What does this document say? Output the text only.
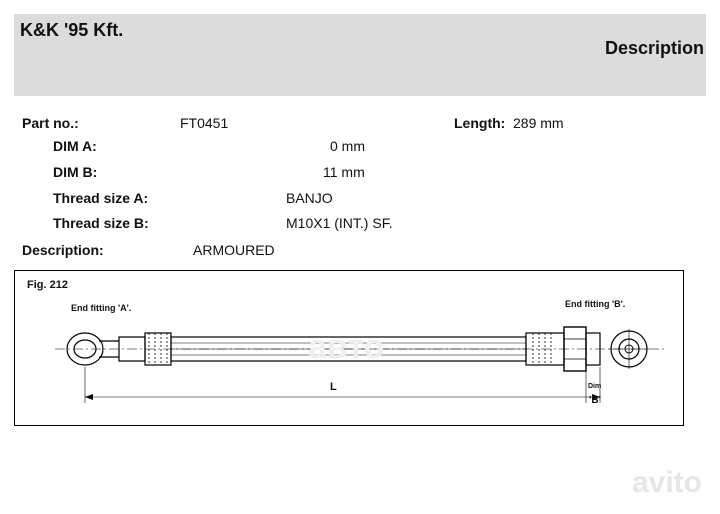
K&K '95 Kft.
Description
Part no.:	FT0451	Length: 289 mm
DIM A:	0 mm
DIM B:	11 mm
Thread size A:	BANJO
Thread size B:	M10X1 (INT.) SF.
Description:	ARMOURED
Fig. 212
End fitting 'A'.	End fitting 'B'.
L	Dim
'B'
авто
avito
